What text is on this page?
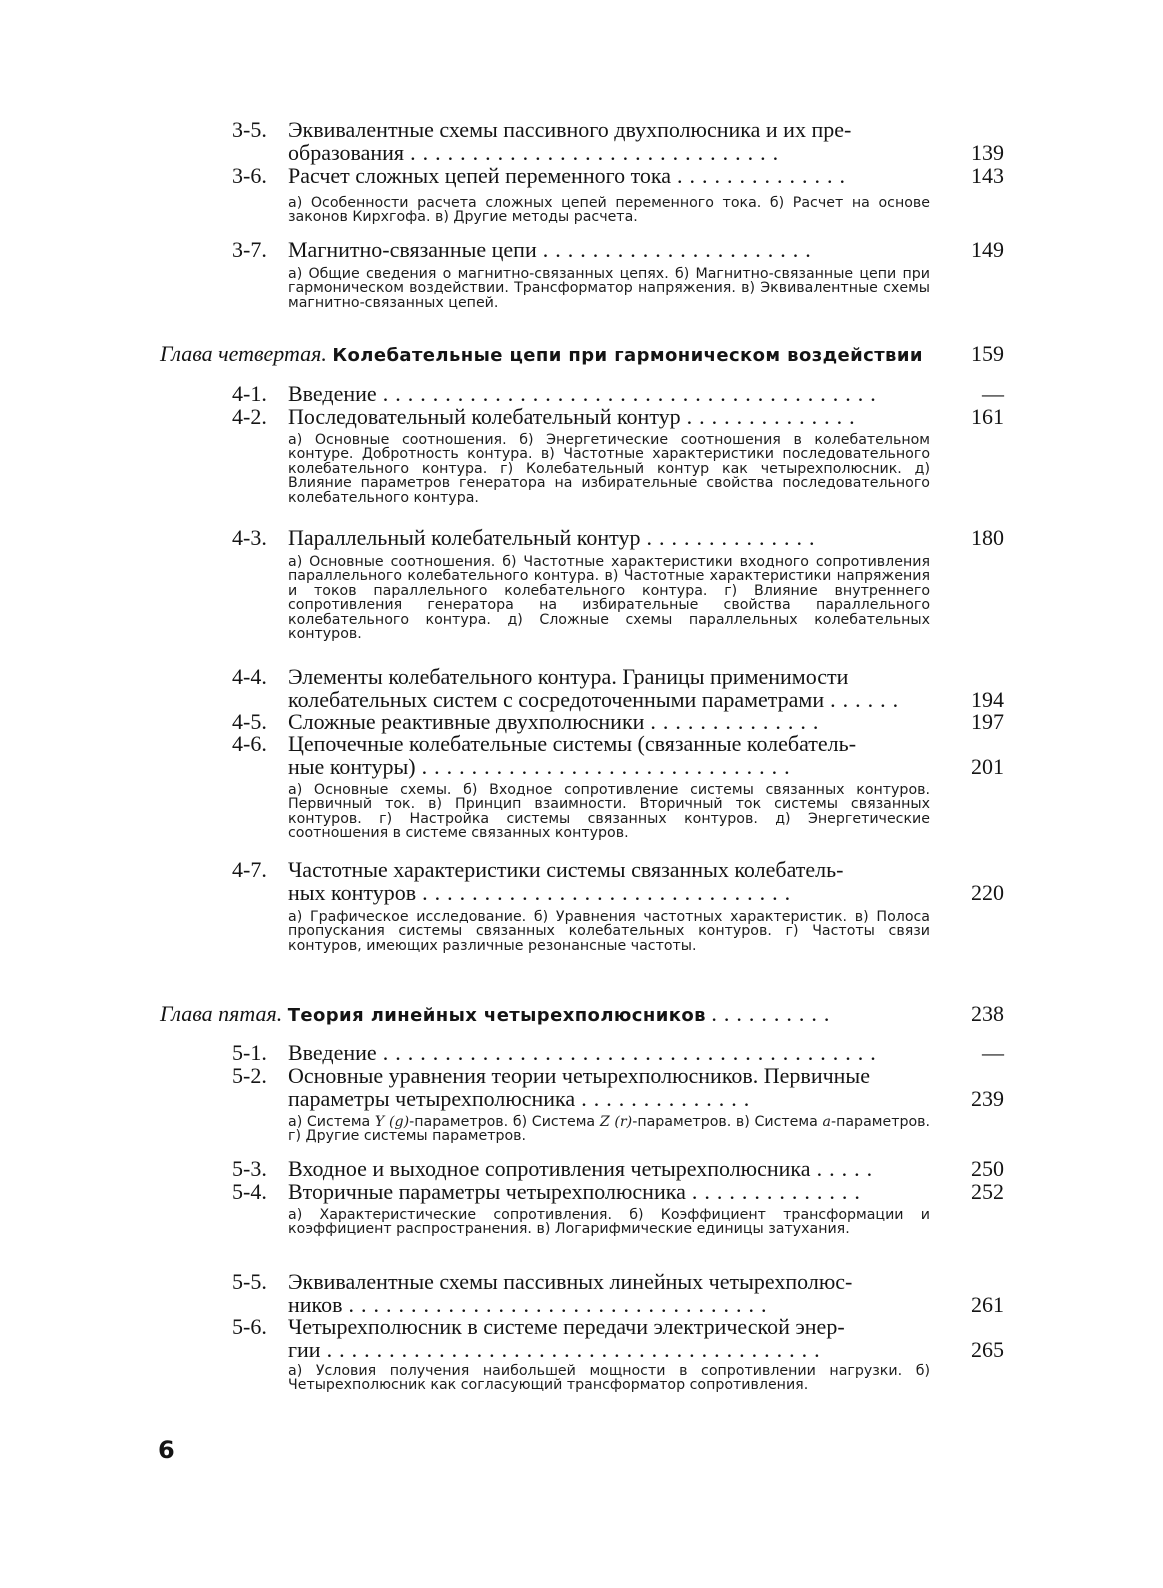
3-5. Эквивалентные схемы пассивного двухполюсника и их пре-
образования ..............................	139
3-6. Расчет сложных цепей переменного тока ..............	143
а) Особенности расчета сложных цепей переменного тока. б) Расчет на основе законов Кирхгофа. в) Другие методы расчета.
3-7. Магнитно-связанные цепи ......................	149
а) Общие сведения о магнитно-связанных цепях. б) Магнитно-связанные цепи при гармоническом воздействии. Трансформатор напряжения. в) Эквивалентные схемы магнитно-связанных цепей.
Глава четвертая. Колебательные цепи при гармоническом воздействии 159
4-1. Введение ........................................	—
4-2. Последовательный колебательный контур ..............	161
а) Основные соотношения. б) Энергетические соотношения в колебательном контуре. Добротность контура. в) Частотные характеристики последовательного колебательного контура. г) Колебательный контур как четырехполюсник. д) Влияние параметров генератора на избирательные свойства последовательного колебательного контура.
4-3. Параллельный колебательный контур ..............	180
а) Основные соотношения. б) Частотные характеристики входного сопротивления параллельного колебательного контура. в) Частотные характеристики напряжения и токов параллельного колебательного контура. г) Влияние внутреннего сопротивления генератора на избирательные свойства параллельного колебательного контура. д) Сложные схемы параллельных колебательных контуров.
4-4. Элементы колебательного контура. Границы применимости
колебательных систем с сосредоточенными параметрами ......	194
4-5. Сложные реактивные двухполюсники ..............	197
4-6. Цепочечные колебательные системы (связанные колебатель-
ные контуры) ..............................	201
а) Основные схемы. б) Входное сопротивление системы связанных контуров. Первичный ток. в) Принцип взаимности. Вторичный ток системы связанных контуров. г) Настройка системы связанных контуров. д) Энергетические соотношения в системе связанных контуров.
4-7. Частотные характеристики системы связанных колебатель-
ных контуров ..............................	220
а) Графическое исследование. б) Уравнения частотных характеристик. в) Полоса пропускания системы связанных колебательных контуров. г) Частоты связи контуров, имеющих различные резонансные частоты.
Глава пятая. Теория линейных четырехполюсников ..........	238
5-1. Введение ........................................	—
5-2. Основные уравнения теории четырехполюсников. Первичные
параметры четырехполюсника ..............	239
а) Система Y (g)-параметров. б) Система Z (r)-параметров. в) Система a-параметров. г) Другие системы параметров.
5-3. Входное и выходное сопротивления четырехполюсника .....	250
5-4. Вторичные параметры четырехполюсника ..............	252
а) Характеристические сопротивления. б) Коэффициент трансформации и коэффициент распространения. в) Логарифмические единицы затухания.
5-5. Эквивалентные схемы пассивных линейных четырехполюс-
ников ..................................	261
5-6. Четырехполюсник в системе передачи электрической энер-
гии ........................................	265
а) Условия получения наибольшей мощности в сопротивлении нагрузки. б) Четырехполюсник как согласующий трансформатор сопротивления.
6
